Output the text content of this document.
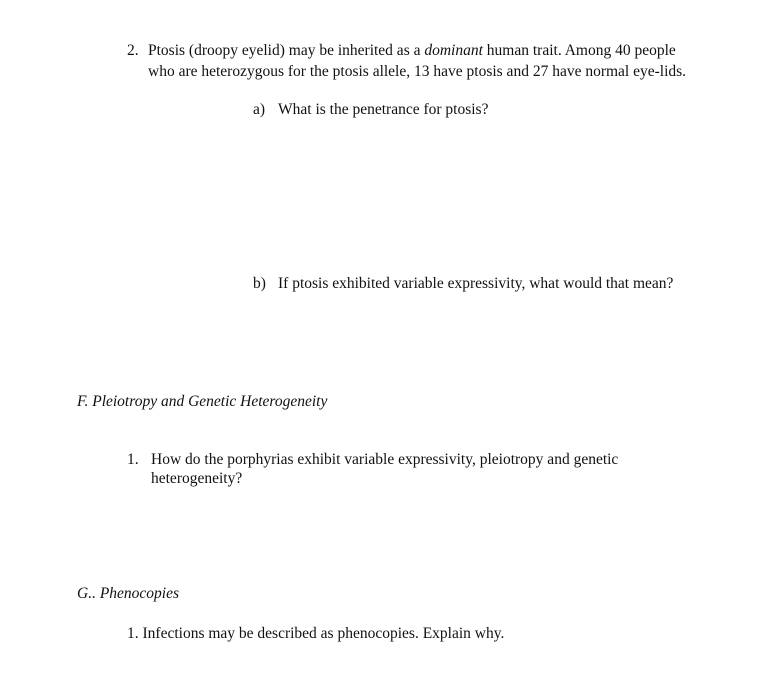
2. Ptosis (droopy eyelid) may be inherited as a dominant human trait. Among 40 people
who are heterozygous for the ptosis allele, 13 have ptosis and 27 have normal eye-lids.
a) What is the penetrance for ptosis?
b) If ptosis exhibited variable expressivity, what would that mean?
F. Pleiotropy and Genetic Heterogeneity
1. How do the porphyrias exhibit variable expressivity, pleiotropy and genetic
heterogeneity?
G.. Phenocopies
1. Infections may be described as phenocopies. Explain why.
